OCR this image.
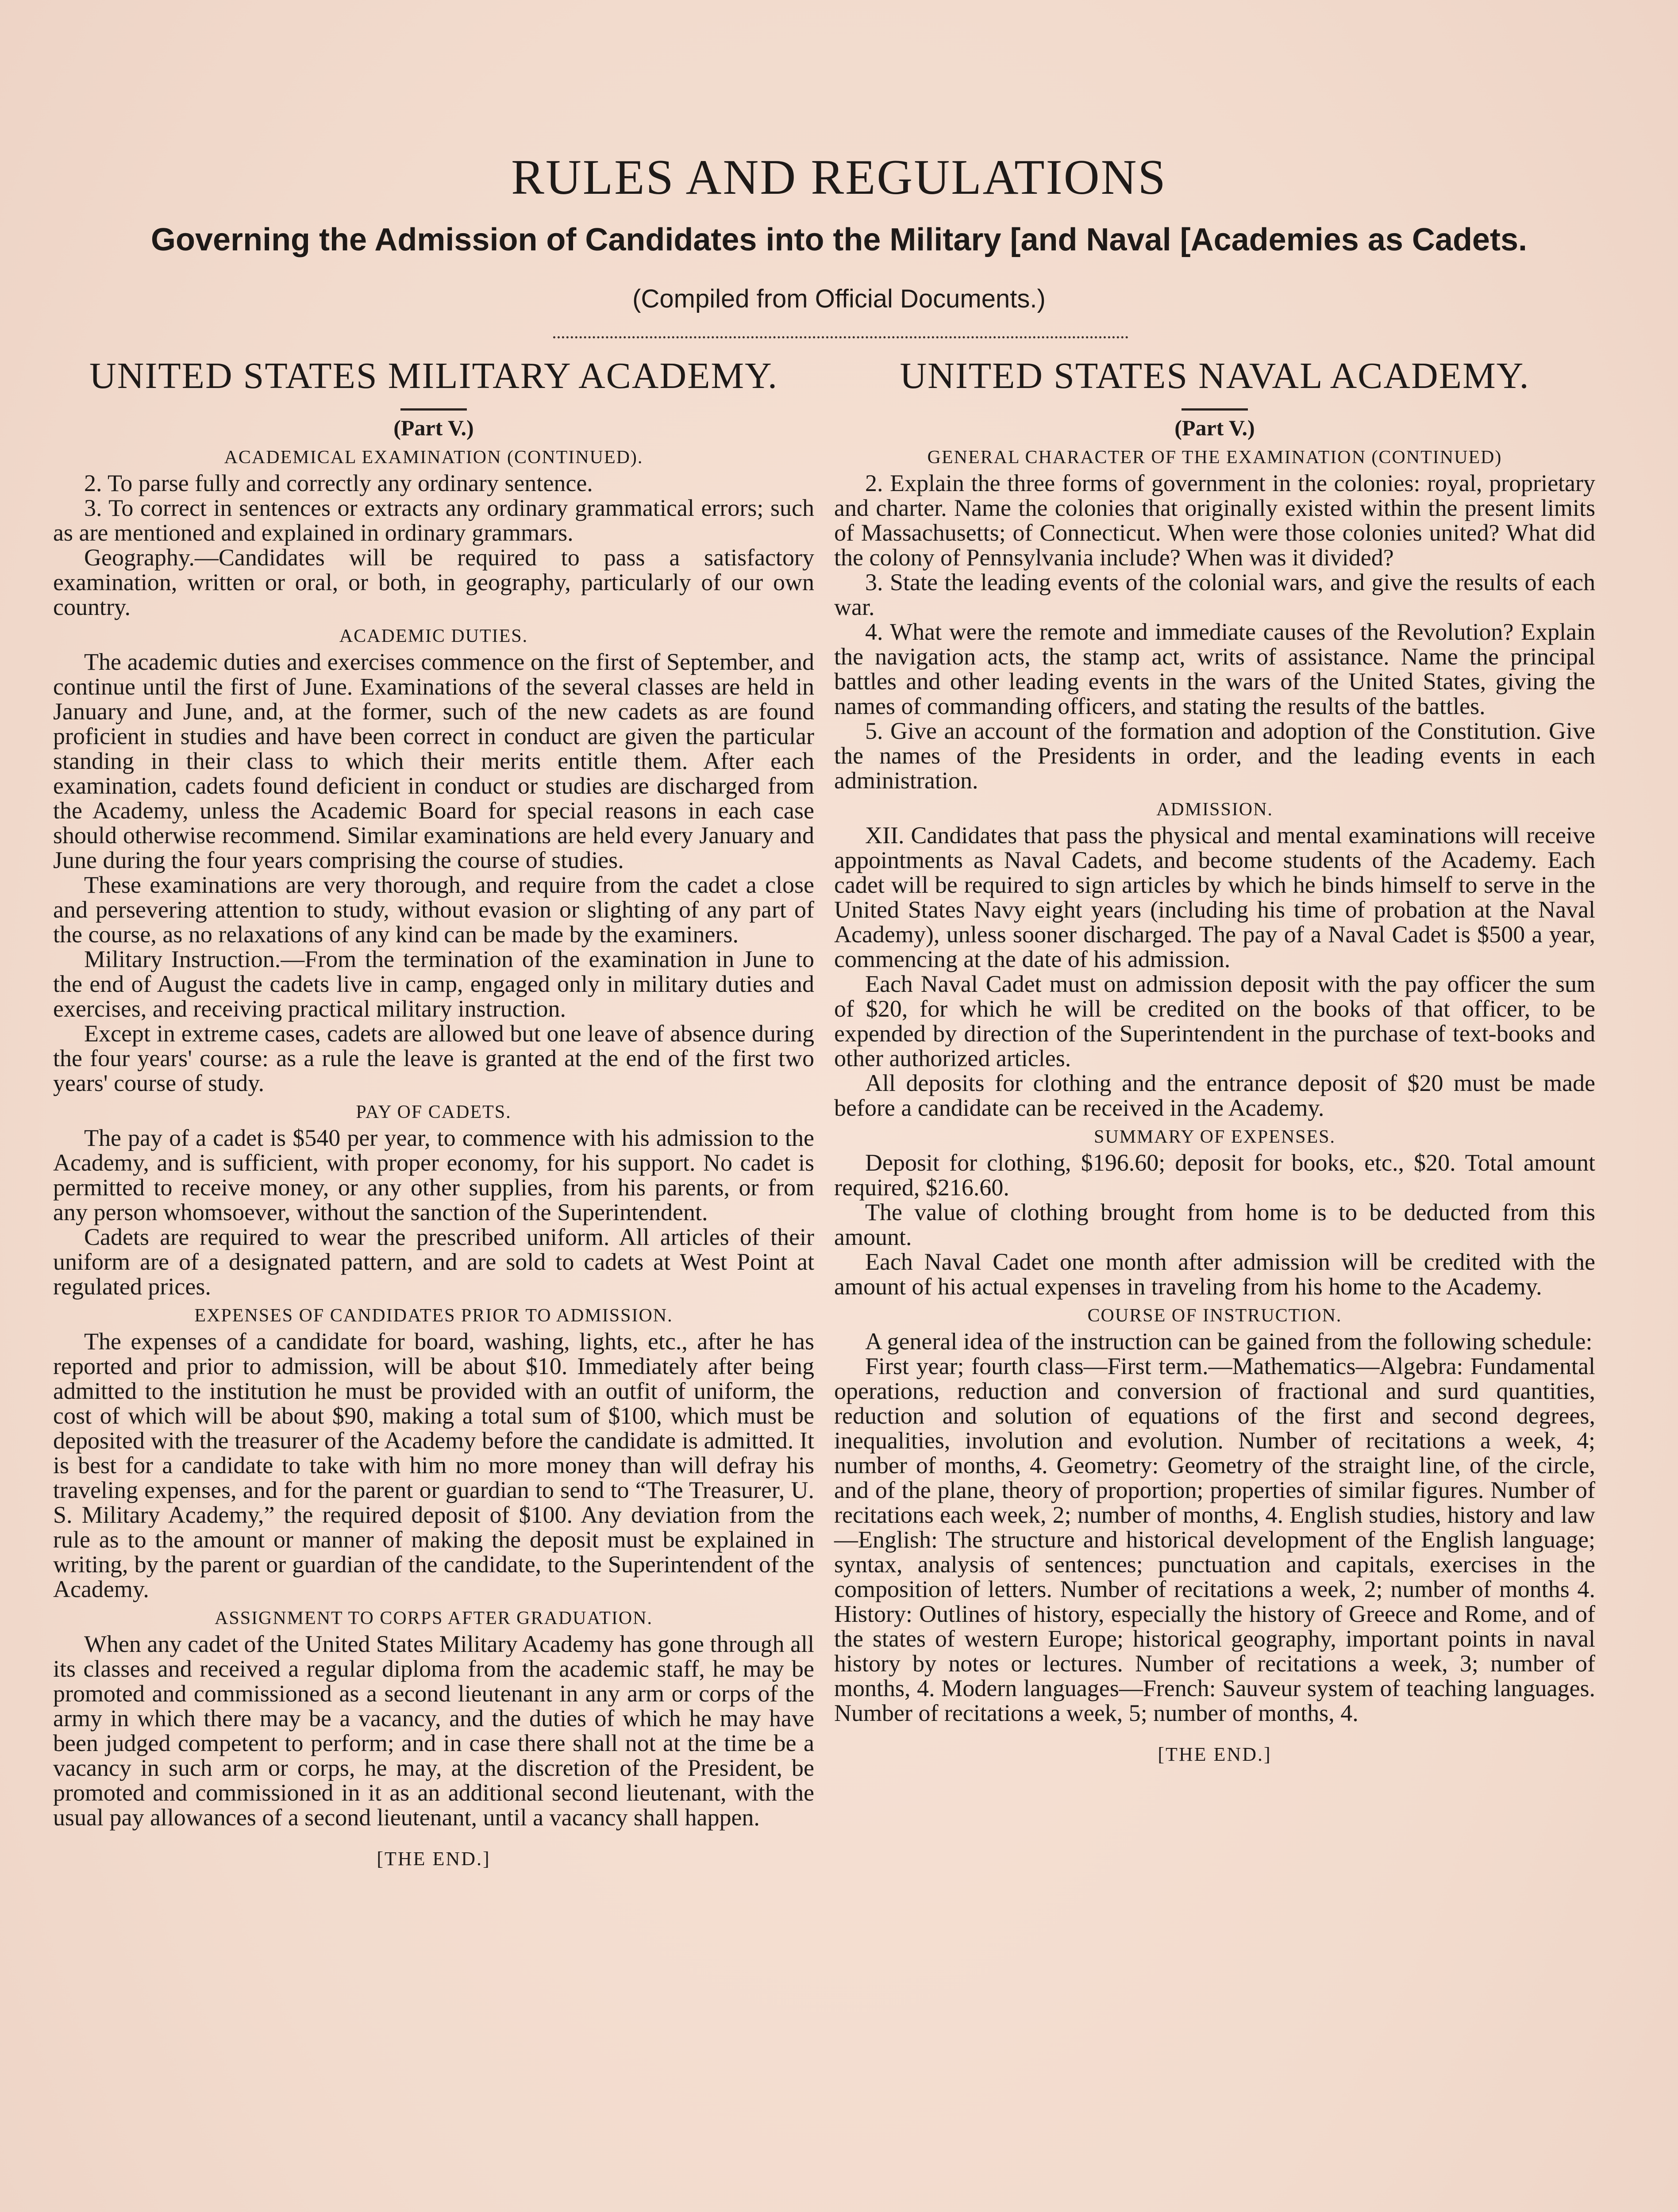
RULES AND REGULATIONS

Governing the Admission of Candidates into the Military [and Naval [Academies as Cadets.

(Compiled from Official Documents.)

UNITED STATES MILITARY ACADEMY.
(Part V.)
ACADEMICAL EXAMINATION (CONTINUED).

2. To parse fully and correctly any ordinary sentence.

3. To correct in sentences or extracts any ordinary grammatical errors; such as are mentioned and explained in ordinary grammars.

Geography.—Candidates will be required to pass a satisfactory examination, written or oral, or both, in geography, particularly of our own country.

ACADEMIC DUTIES.

The academic duties and exercises commence on the first of September, and continue until the first of June. Examinations of the several classes are held in January and June, and, at the former, such of the new cadets as are found proficient in studies and have been correct in conduct are given the particular standing in their class to which their merits entitle them. After each examination, cadets found deficient in conduct or studies are discharged from the Academy, unless the Academic Board for special reasons in each case should otherwise recommend. Similar examinations are held every January and June during the four years comprising the course of studies.

These examinations are very thorough, and require from the cadet a close and persevering attention to study, without evasion or slighting of any part of the course, as no relaxations of any kind can be made by the examiners.

Military Instruction.—From the termination of the examination in June to the end of August the cadets live in camp, engaged only in military duties and exercises, and receiving practical military instruction.

Except in extreme cases, cadets are allowed but one leave of absence during the four years' course: as a rule the leave is granted at the end of the first two years' course of study.

PAY OF CADETS.

The pay of a cadet is $540 per year, to commence with his admission to the Academy, and is sufficient, with proper economy, for his support. No cadet is permitted to receive money, or any other supplies, from his parents, or from any person whomsoever, without the sanction of the Superintendent.

Cadets are required to wear the prescribed uniform. All articles of their uniform are of a designated pattern, and are sold to cadets at West Point at regulated prices.

EXPENSES OF CANDIDATES PRIOR TO ADMISSION.

The expenses of a candidate for board, washing, lights, etc., after he has reported and prior to admission, will be about $10. Immediately after being admitted to the institution he must be provided with an outfit of uniform, the cost of which will be about $90, making a total sum of $100, which must be deposited with the treasurer of the Academy before the candidate is admitted. It is best for a candidate to take with him no more money than will defray his traveling expenses, and for the parent or guardian to send to “The Treasurer, U. S. Military Academy,” the required deposit of $100. Any deviation from the rule as to the amount or manner of making the deposit must be explained in writing, by the parent or guardian of the candidate, to the Superintendent of the Academy.

ASSIGNMENT TO CORPS AFTER GRADUATION.

When any cadet of the United States Military Academy has gone through all its classes and received a regular diploma from the academic staff, he may be promoted and commissioned as a second lieutenant in any arm or corps of the army in which there may be a vacancy, and the duties of which he may have been judged competent to perform; and in case there shall not at the time be a vacancy in such arm or corps, he may, at the discretion of the President, be promoted and commissioned in it as an additional second lieutenant, with the usual pay allowances of a second lieutenant, until a vacancy shall happen.

[THE END.]
UNITED STATES NAVAL ACADEMY.
(Part V.)
GENERAL CHARACTER OF THE EXAMINATION (CONTINUED)

2. Explain the three forms of government in the colonies: royal, proprietary and charter. Name the colonies that originally existed within the present limits of Massachusetts; of Connecticut. When were those colonies united? What did the colony of Pennsylvania include? When was it divided?

3. State the leading events of the colonial wars, and give the results of each war.

4. What were the remote and immediate causes of the Revolution? Explain the navigation acts, the stamp act, writs of assistance. Name the principal battles and other leading events in the wars of the United States, giving the names of commanding officers, and stating the results of the battles.

5. Give an account of the formation and adoption of the Constitution. Give the names of the Presidents in order, and the leading events in each administration.

ADMISSION.

XII. Candidates that pass the physical and mental examinations will receive appointments as Naval Cadets, and become students of the Academy. Each cadet will be required to sign articles by which he binds himself to serve in the United States Navy eight years (including his time of probation at the Naval Academy), unless sooner discharged. The pay of a Naval Cadet is $500 a year, commencing at the date of his admission.

Each Naval Cadet must on admission deposit with the pay officer the sum of $20, for which he will be credited on the books of that officer, to be expended by direction of the Superintendent in the purchase of text-books and other authorized articles.

All deposits for clothing and the entrance deposit of $20 must be made before a candidate can be received in the Academy.

SUMMARY OF EXPENSES.

Deposit for clothing, $196.60; deposit for books, etc., $20. Total amount required, $216.60.

The value of clothing brought from home is to be deducted from this amount.

Each Naval Cadet one month after admission will be credited with the amount of his actual expenses in traveling from his home to the Academy.

COURSE OF INSTRUCTION.

A general idea of the instruction can be gained from the following schedule:

First year; fourth class—First term.—Mathematics—Algebra: Fundamental operations, reduction and conversion of fractional and surd quantities, reduction and solution of equations of the first and second degrees, inequalities, involution and evolution. Number of recitations a week, 4; number of months, 4. Geometry: Geometry of the straight line, of the circle, and of the plane, theory of proportion; properties of similar figures. Number of recitations each week, 2; number of months, 4. English studies, history and law—English: The structure and historical development of the English language; syntax, analysis of sentences; punctuation and capitals, exercises in the composition of letters. Number of recitations a week, 2; number of months 4. History: Outlines of history, especially the history of Greece and Rome, and of the states of western Europe; historical geography, important points in naval history by notes or lectures. Number of recitations a week, 3; number of months, 4. Modern languages—French: Sauveur system of teaching languages. Number of recitations a week, 5; number of months, 4.

[THE END.]
